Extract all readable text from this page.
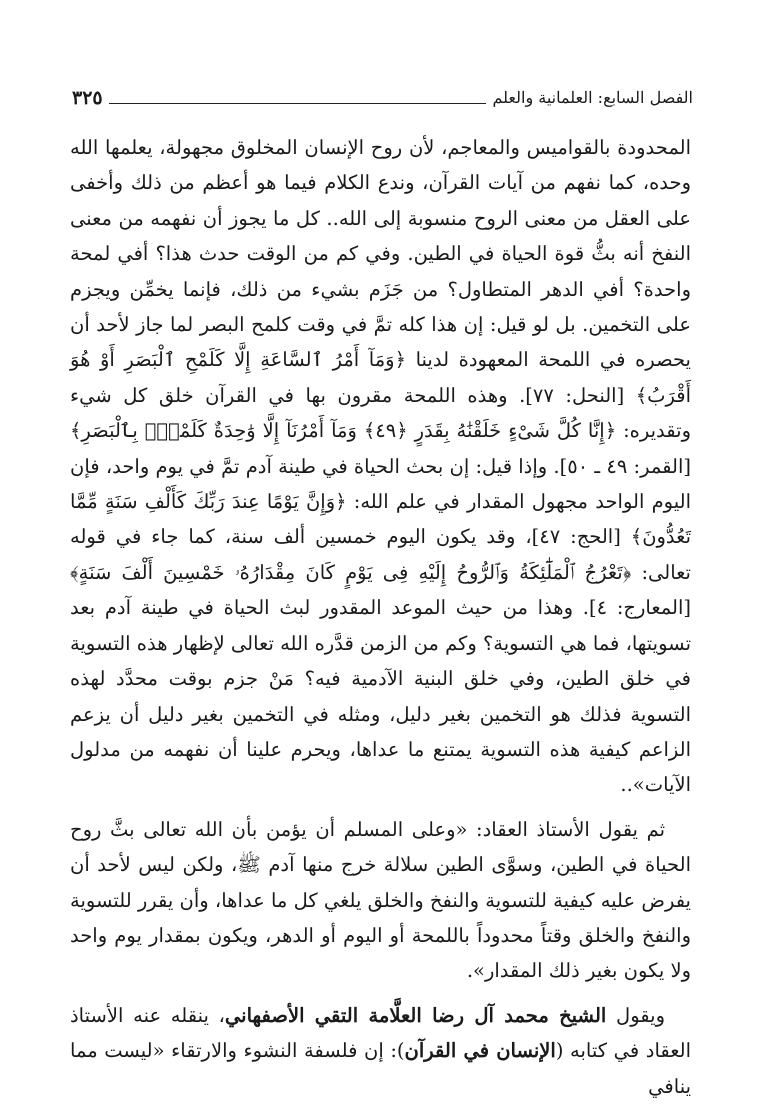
الفصل السابع: العلمانية والعلم
٣٢٥

المحدودة بالقواميس والمعاجم، لأن روح الإنسان المخلوق مجهولة، يعلمها الله وحده، كما نفهم من آيات القرآن، وندع الكلام فيما هو أعظم من ذلك وأخفى على العقل من معنى الروح منسوبة إلى الله.. كل ما يجوز أن نفهمه من معنى النفخ أنه بثُّ قوة الحياة في الطين. وفي كم من الوقت حدث هذا؟ أفي لمحة واحدة؟ أفي الدهر المتطاول؟ من جَزَم بشيء من ذلك، فإنما يخمِّن ويجزم على التخمين. بل لو قيل: إن هذا كله تمَّ في وقت كلمح البصر لما جاز لأحد أن يحصره في اللمحة المعهودة لدينا ﴿وَمَآ أَمْرُ ٱلسَّاعَةِ إِلَّا كَلَمْحِ ٱلْبَصَرِ أَوْ هُوَ أَقْرَبُ﴾ [النحل: ٧٧]. وهذه اللمحة مقرون بها في القرآن خلق كل شيء وتقديره: ﴿إِنَّا كُلَّ شَىْءٍ خَلَقْنَٰهُ بِقَدَرٍ ﴿٤٩﴾ وَمَآ أَمْرُنَآ إِلَّا وَٰحِدَةٌ كَلَمْحٍۭ بِٱلْبَصَرِ﴾ [القمر: ٤٩ ـ ٥٠]. وإذا قيل: إن بحث الحياة في طينة آدم تمَّ في يوم واحد، فإن اليوم الواحد مجهول المقدار في علم الله: ﴿وَإِنَّ يَوْمًا عِندَ رَبِّكَ كَأَلْفِ سَنَةٍ مِّمَّا تَعُدُّونَ﴾ [الحج: ٤٧]، وقد يكون اليوم خمسين ألف سنة، كما جاء في قوله تعالى: ﴿تَعْرُجُ ٱلْمَلَٰٓئِكَةُ وَٱلرُّوحُ إِلَيْهِ فِى يَوْمٍ كَانَ مِقْدَارُهُۥ خَمْسِينَ أَلْفَ سَنَةٍ﴾ [المعارج: ٤]. وهذا من حيث الموعد المقدور لبث الحياة في طينة آدم بعد تسويتها، فما هي التسوية؟ وكم من الزمن قدَّره الله تعالى لإظهار هذه التسوية في خلق الطين، وفي خلق البنية الآدمية فيه؟ مَنْ جزم بوقت محدَّد لهذه التسوية فذلك هو التخمين بغير دليل، ومثله في التخمين بغير دليل أن يزعم الزاعم كيفية هذه التسوية يمتنع ما عداها، ويحرم علينا أن نفهمه من مدلول الآيات»..

ثم يقول الأستاذ العقاد: «وعلى المسلم أن يؤمن بأن الله تعالى بثَّ روح الحياة في الطين، وسوَّى الطين سلالة خرج منها آدم ﷺ، ولكن ليس لأحد أن يفرض عليه كيفية للتسوية والنفخ والخلق يلغي كل ما عداها، وأن يقرر للتسوية والنفخ والخلق وقتاً محدوداً باللمحة أو اليوم أو الدهر، ويكون بمقدار يوم واحد ولا يكون بغير ذلك المقدار».

ويقول الشيخ محمد آل رضا العلَّامة التقي الأصفهاني، ينقله عنه الأستاذ العقاد في كتابه (الإنسان في القرآن): إن فلسفة النشوء والارتقاء «ليست مما ينافي
